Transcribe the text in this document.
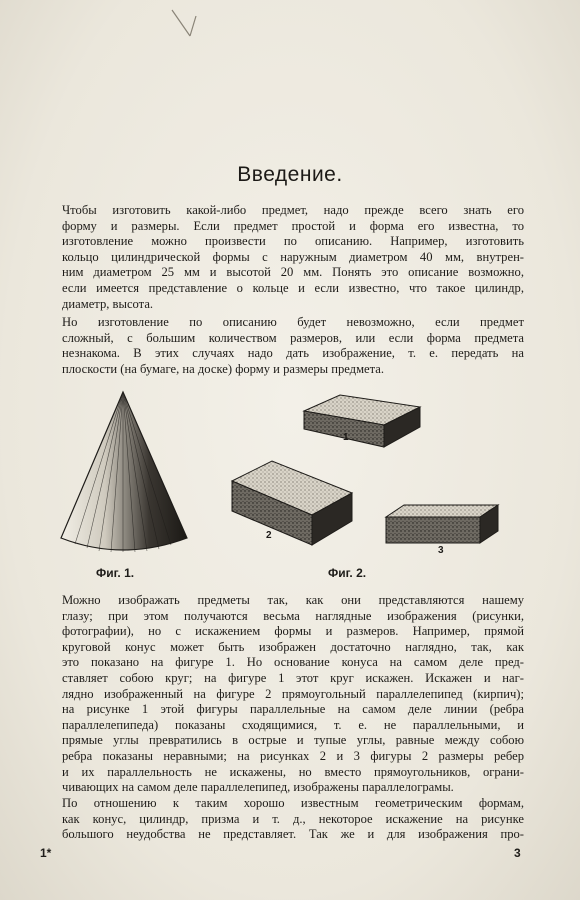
Введение.
Чтобы изготовить какой-либо предмет, надо прежде всего знать его
форму и размеры. Если предмет простой и форма его известна, то
изготовление можно произвести по описанию. Например, изготовить
кольцо цилиндрической формы с наружным диаметром 40 мм, внутрен-
ним диаметром 25 мм и высотой 20 мм. Понять это описание возможно,
если имеется представление о кольце и если известно, что такое цилиндр,
диаметр, высота.
Но изготовление по описанию будет невозможно, если предмет
сложный, с большим количеством размеров, или если форма предмета
незнакома. В этих случаях надо дать изображение, т. е. передать на
плоскости (на бумаге, на доске) форму и размеры предмета.
Фиг. 1.
1
2
3
Фиг. 2.
Можно изображать предметы так, как они представляются нашему
глазу; при этом получаются весьма наглядные изображения (рисунки,
фотографии), но с искажением формы и размеров. Например, прямой
круговой конус может быть изображен достаточно наглядно, так, как
это показано на фигуре 1. Но основание конуса на самом деле пред-
ставляет собою круг; на фигуре 1 этот круг искажен. Искажен и наг-
лядно изображенный на фигуре 2 прямоугольный параллелепипед (кирпич);
на рисунке 1 этой фигуры параллельные на самом деле линии (ребра
параллелепипеда) показаны сходящимися, т. е. не параллельными, и
прямые углы превратились в острые и тупые углы, равные между собою
ребра показаны неравными; на рисунках 2 и 3 фигуры 2 размеры ребер
и их параллельность не искажены, но вместо прямоугольников, ограни-
чивающих на самом деле параллелепипед, изображены параллелограмы.
По отношению к таким хорошо известным геометрическим формам,
как конус, цилиндр, призма и т. д., некоторое искажение на рисунке
большого неудобства не представляет. Так же и для изображения про-
1*	3
